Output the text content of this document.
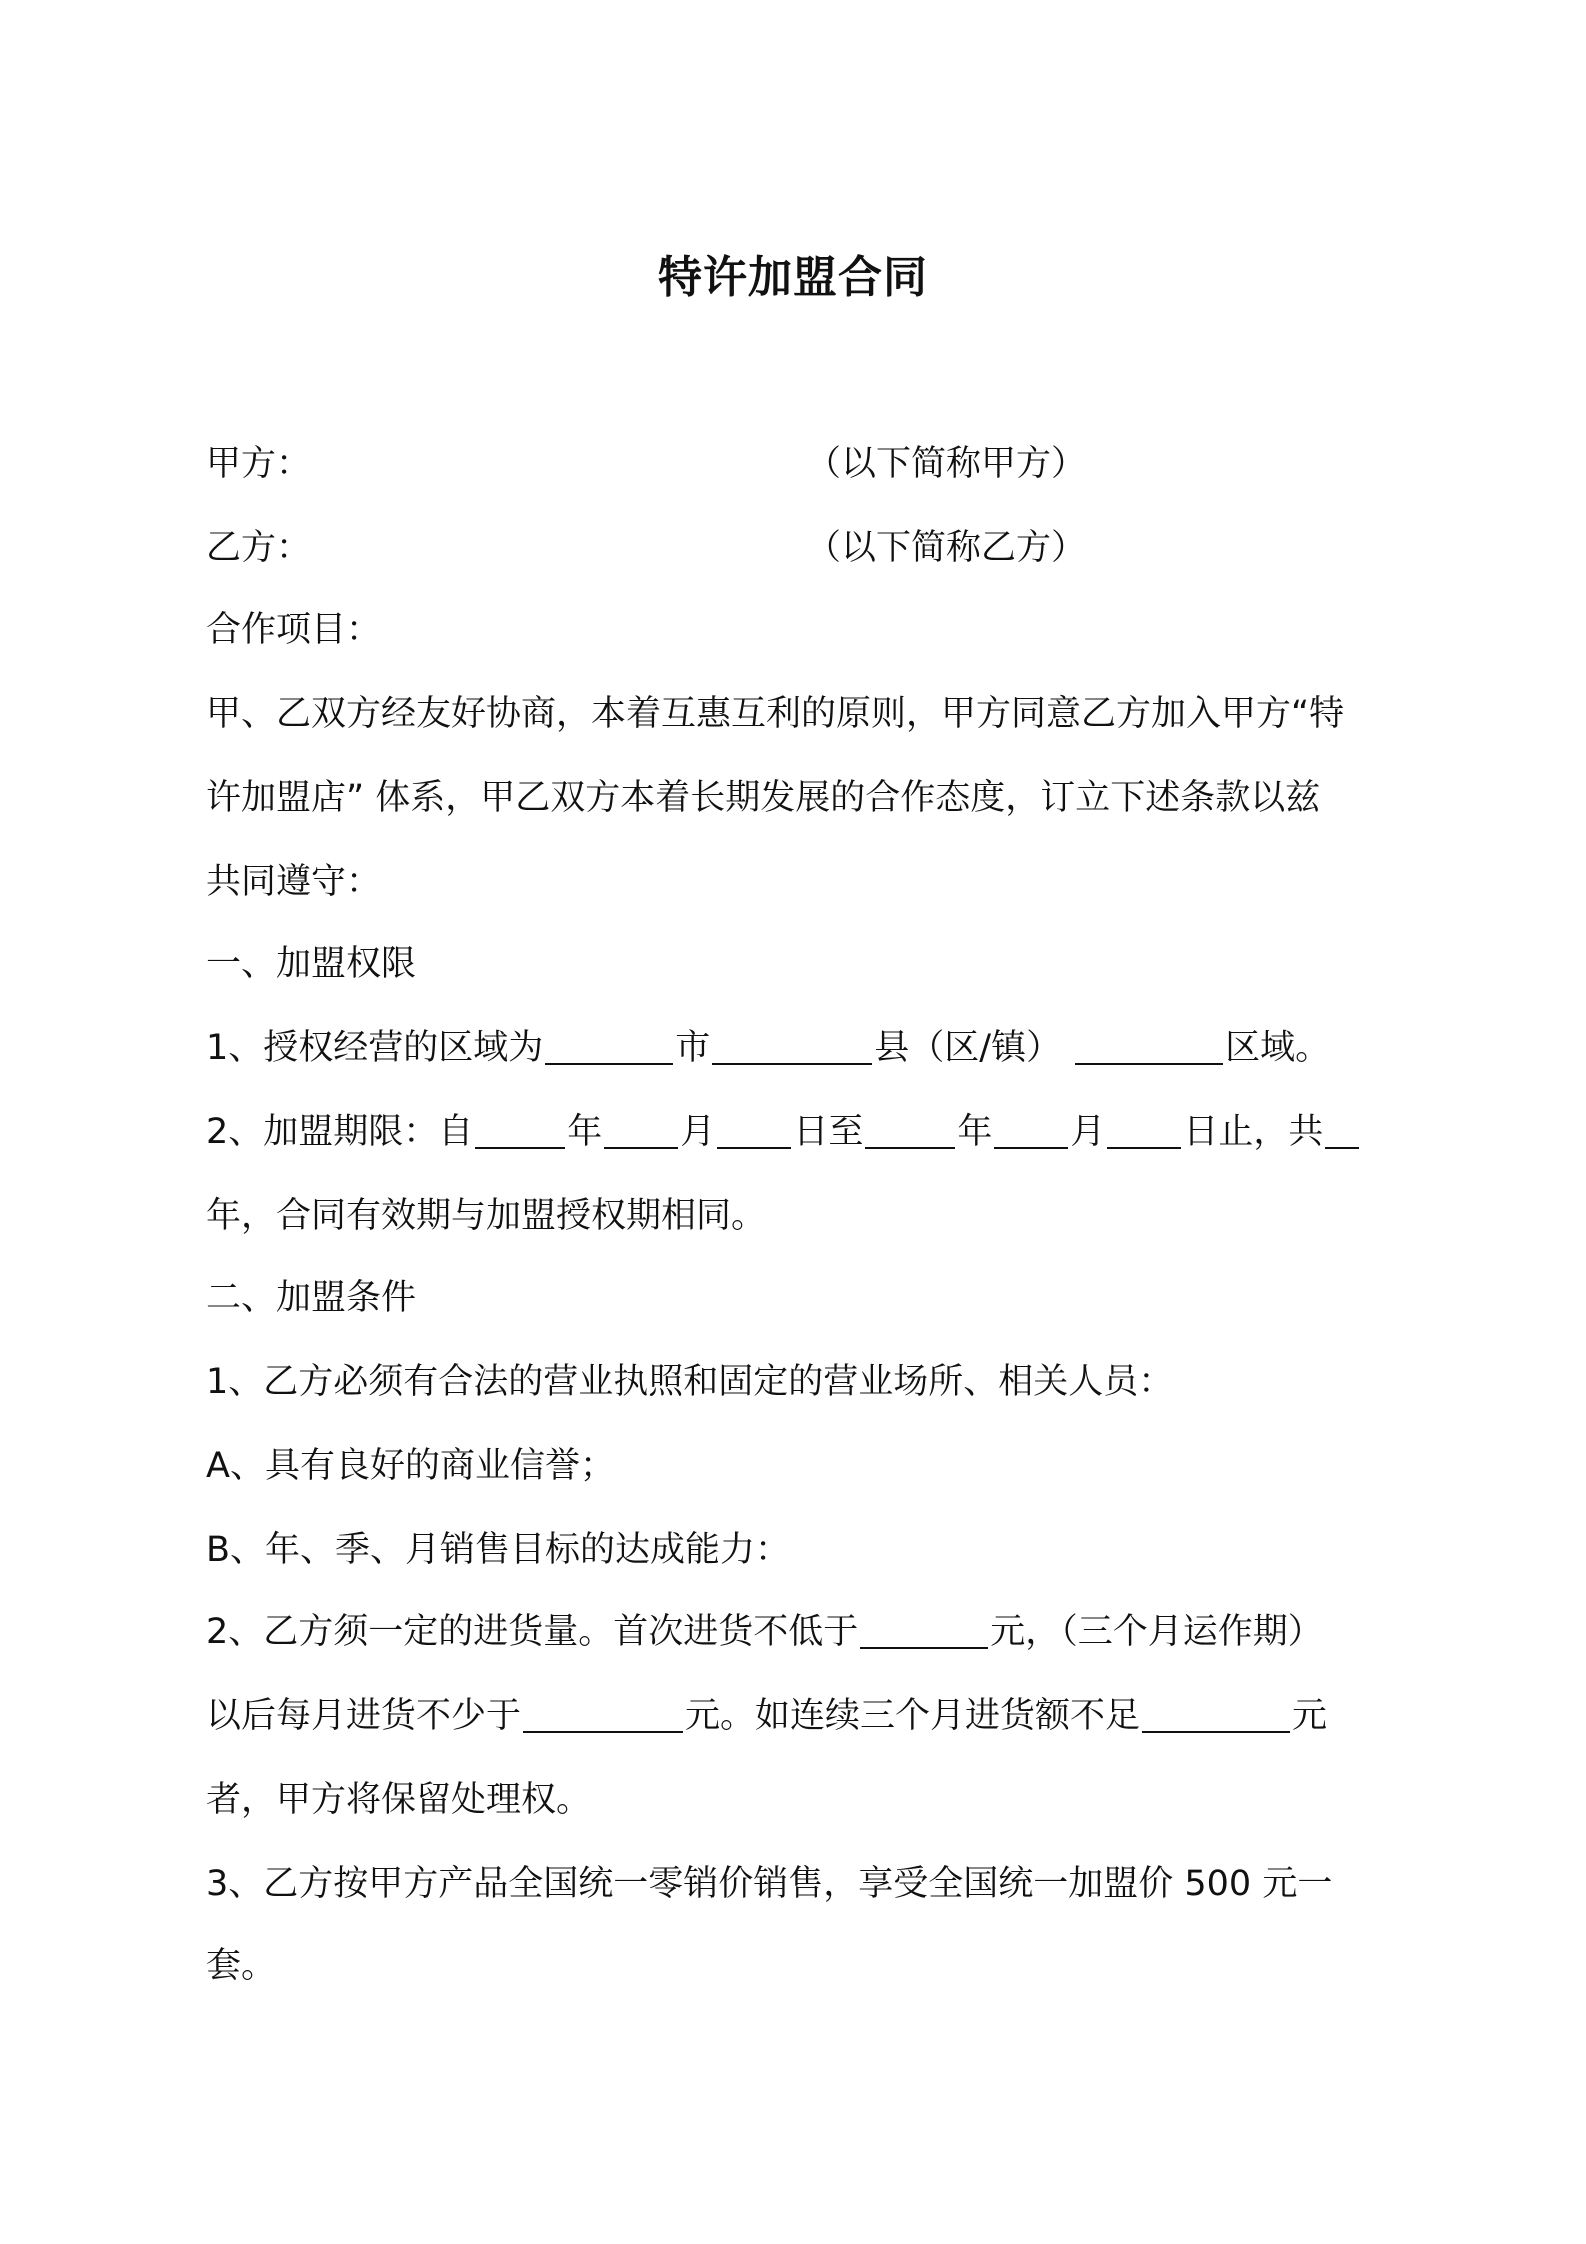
特许加盟合同
甲方：	（以下简称甲方）
乙方：	（以下简称乙方）
合作项目：
甲、乙双方经友好协商，本着互惠互利的原则，甲方同意乙方加入甲方“特
许加盟店” 体系，甲乙双方本着长期发展的合作态度，订立下述条款以兹
共同遵守：
一、加盟权限
1、授权经营的区域为	市	县（区/镇）	区域。
2、加盟期限：自	年 月 日至	年 月 日止，共
年，合同有效期与加盟授权期相同。
二、加盟条件
1、乙方必须有合法的营业执照和固定的营业场所、相关人员：
A、具有良好的商业信誉；
B、年、季、月销售目标的达成能力：
2、乙方须一定的进货量。首次进货不低于	元，（三个月运作期）
以后每月进货不少于	元。如连续三个月进货额不足	元
者，甲方将保留处理权。
3、乙方按甲方产品全国统一零销价销售，享受全国统一加盟价 500 元一
套。
